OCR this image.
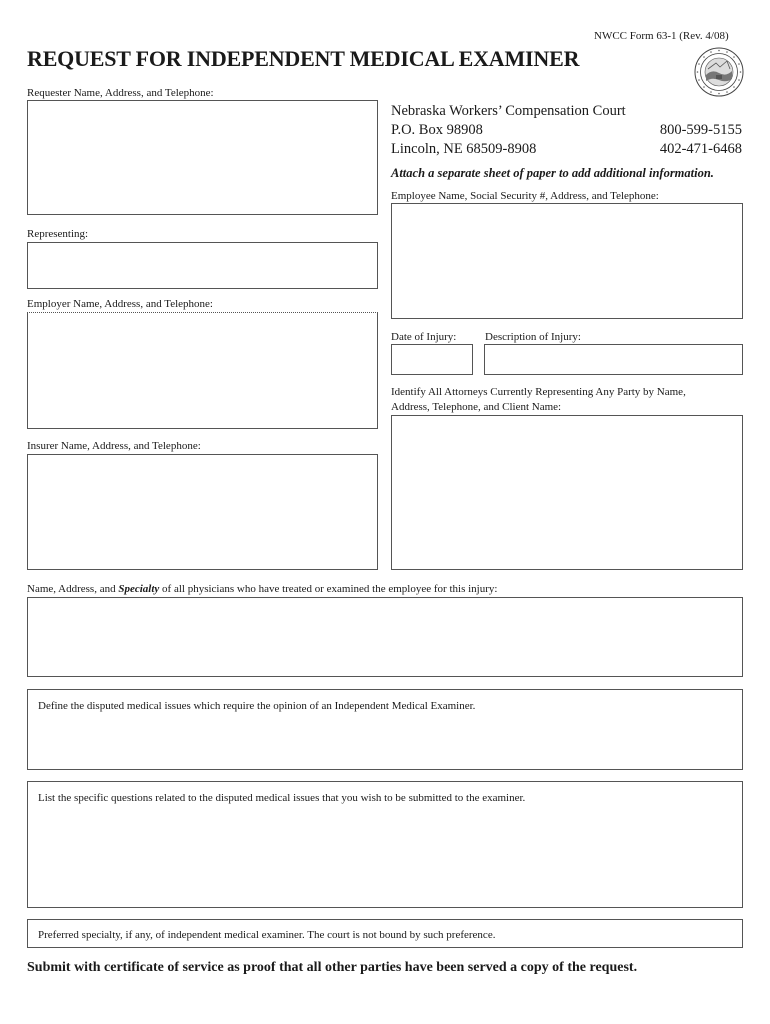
NWCC Form 63-1 (Rev. 4/08)
REQUEST FOR INDEPENDENT MEDICAL EXAMINER
Requester Name, Address, and Telephone:
Nebraska Workers’ Compensation Court
P.O. Box 98908
Lincoln, NE 68509-8908
800-599-5155
402-471-6468
Attach a separate sheet of paper to add additional information.
Employee Name, Social Security #, Address, and Telephone:
Representing:
Employer Name, Address, and Telephone:
Date of Injury:	Description of Injury:
Identify All Attorneys Currently Representing Any Party by Name,
Address, Telephone, and Client Name:
Insurer Name, Address, and Telephone:
Name, Address, and Specialty of all physicians who have treated or examined the employee for this injury:
Define the disputed medical issues which require the opinion of an Independent Medical Examiner.
List the specific questions related to the disputed medical issues that you wish to be submitted to the examiner.
Preferred specialty, if any, of independent medical examiner. The court is not bound by such preference.
Submit with certificate of service as proof that all other parties have been served a copy of the request.
